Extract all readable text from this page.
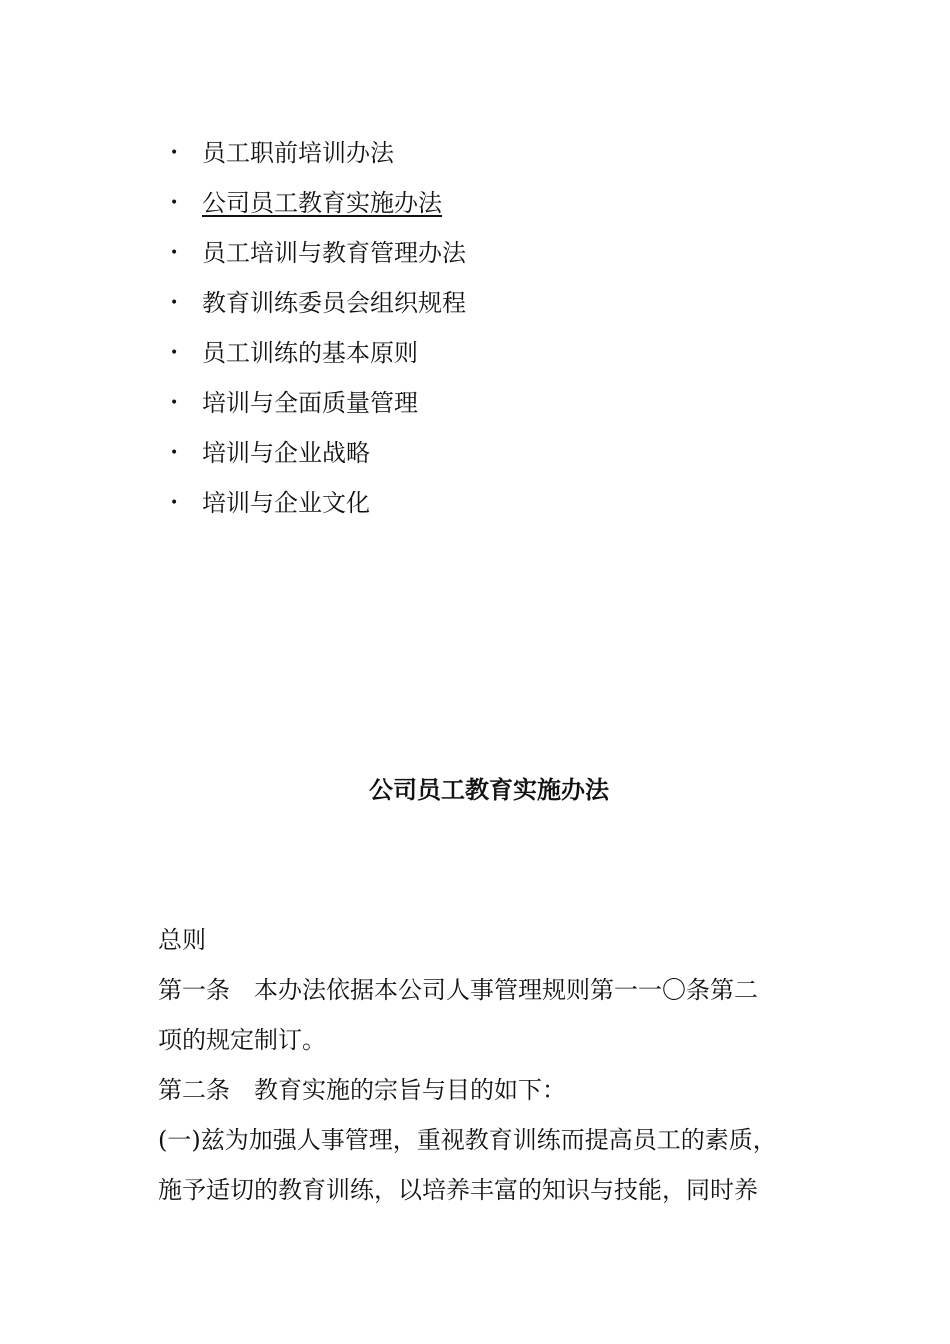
• 员工职前培训办法
• 公司员工教育实施办法
• 员工培训与教育管理办法
• 教育训练委员会组织规程
• 员工训练的基本原则
• 培训与全面质量管理
• 培训与企业战略
• 培训与企业文化
公司员工教育实施办法

总则

第一条　本办法依据本公司人事管理规则第一一〇条第二

项的规定制订。

第二条　教育实施的宗旨与目的如下：

(一)兹为加强人事管理，重视教育训练而提高员工的素质，

施予适切的教育训练，以培养丰富的知识与技能，同时养
